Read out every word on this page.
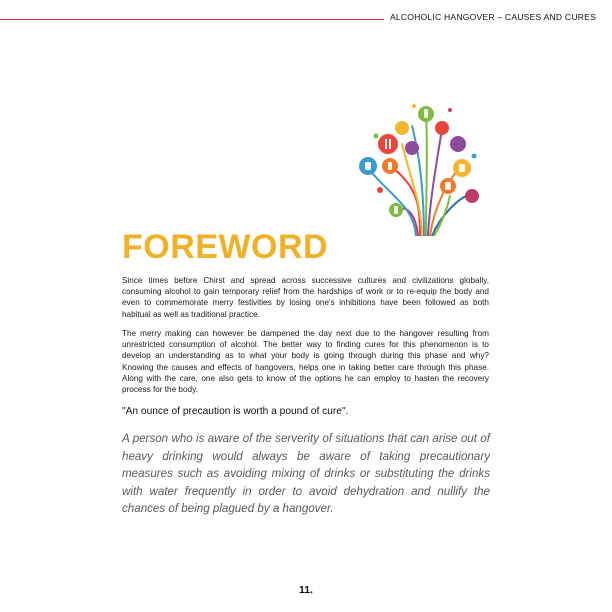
ALCOHOLIC HANGOVER – CAUSES AND CURES
FOREWORD

Since times before Chirst and spread across successive cultures and civilizations globally, consuming alcohol to gain temporary relief from the hardships of work or to re-equip the body and even to commemorate merry festivities by losing one's inhibitions have been followed as both habitual as well as traditional practice.

The merry making can however be dampened the day next due to the hangover resulting from unrestricted consumption of alcohol. The better way to finding cures for this phenomenon is to develop an understanding as to what your body is going through during this phase and why? Knowing the causes and effects of hangovers, helps one in taking better care through this phase. Along with the care, one also gets to know of the options he can employ to hasten the recovery process for the body.

"An ounce of precaution is worth a pound of cure".

A person who is aware of the serverity of situations that can arise out of heavy drinking would always be aware of taking precautionary measures such as avoiding mixing of drinks or substituting the drinks with water frequently in order to avoid dehydration and nullify the chances of being plagued by a hangover.

11.
